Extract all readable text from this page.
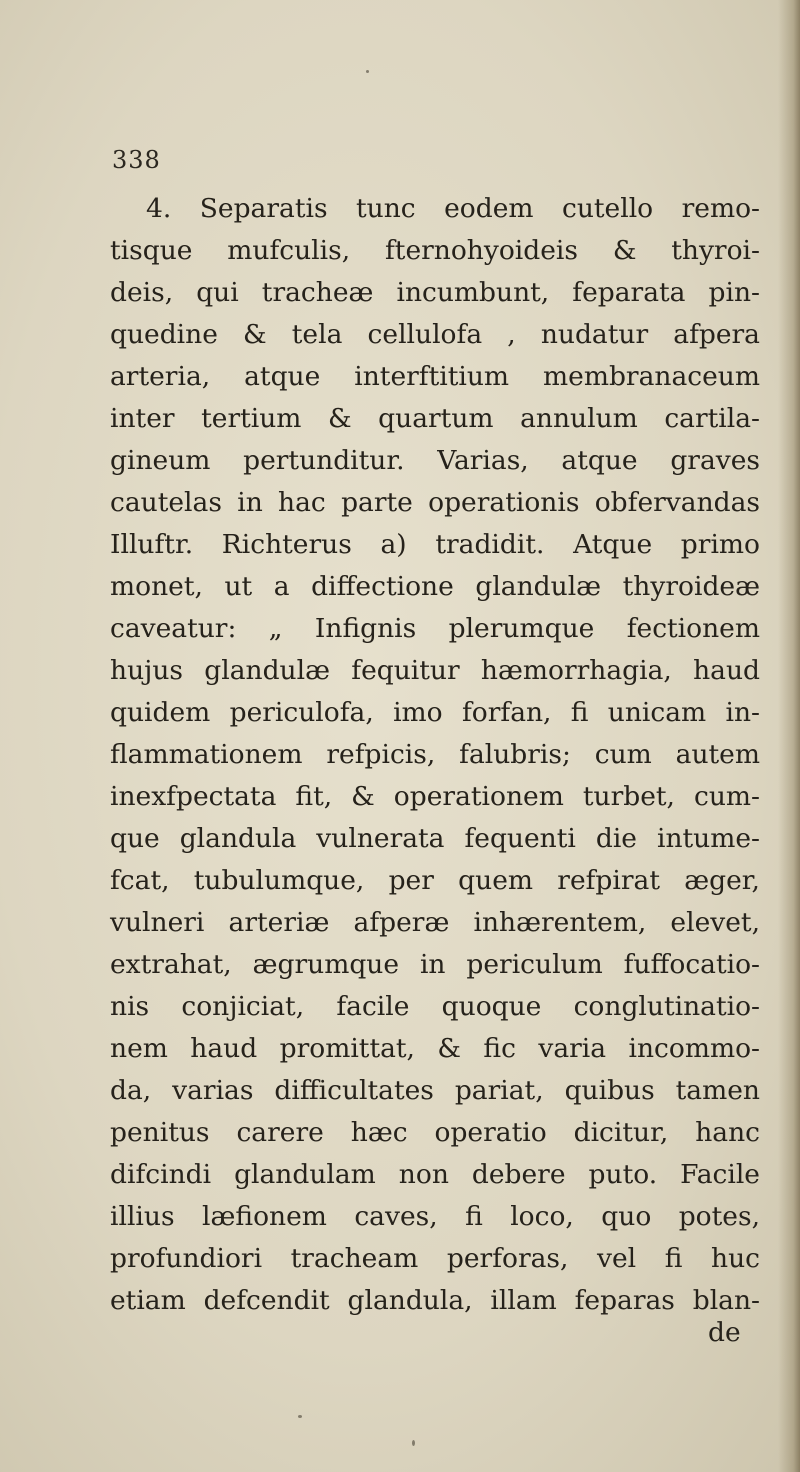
338
4. Separatis tunc eodem cutello remo-
tisque mufculis, fternohyoideis & thyroi-
deis, qui tracheæ incumbunt, feparata pin-
quedine & tela cellulofa , nudatur afpera
arteria, atque interftitium membranaceum
inter tertium & quartum annulum cartila-
gineum pertunditur. Varias, atque graves
cautelas in hac parte operationis obfervandas
Illuftr. Richterus a) tradidit. Atque primo
monet, ut a diffectione glandulæ thyroideæ
caveatur: „ Infignis plerumque fectionem
hujus glandulæ fequitur hæmorrhagia, haud
quidem periculofa, imo forfan, fi unicam in-
flammationem refpicis, falubris; cum autem
inexfpectata fit, & operationem turbet, cum-
que glandula vulnerata fequenti die intume-
fcat, tubulumque, per quem refpirat æger,
vulneri arteriæ afperæ inhærentem, elevet,
extrahat, ægrumque in periculum fuffocatio-
nis conjiciat, facile quoque conglutinatio-
nem haud promittat, & fic varia incommo-
da, varias difficultates pariat, quibus tamen
penitus carere hæc operatio dicitur, hanc
difcindi glandulam non debere puto. Facile
illius læfionem caves, fi loco, quo potes,
profundiori tracheam perforas, vel fi huc
etiam defcendit glandula, illam feparas blan-
de
